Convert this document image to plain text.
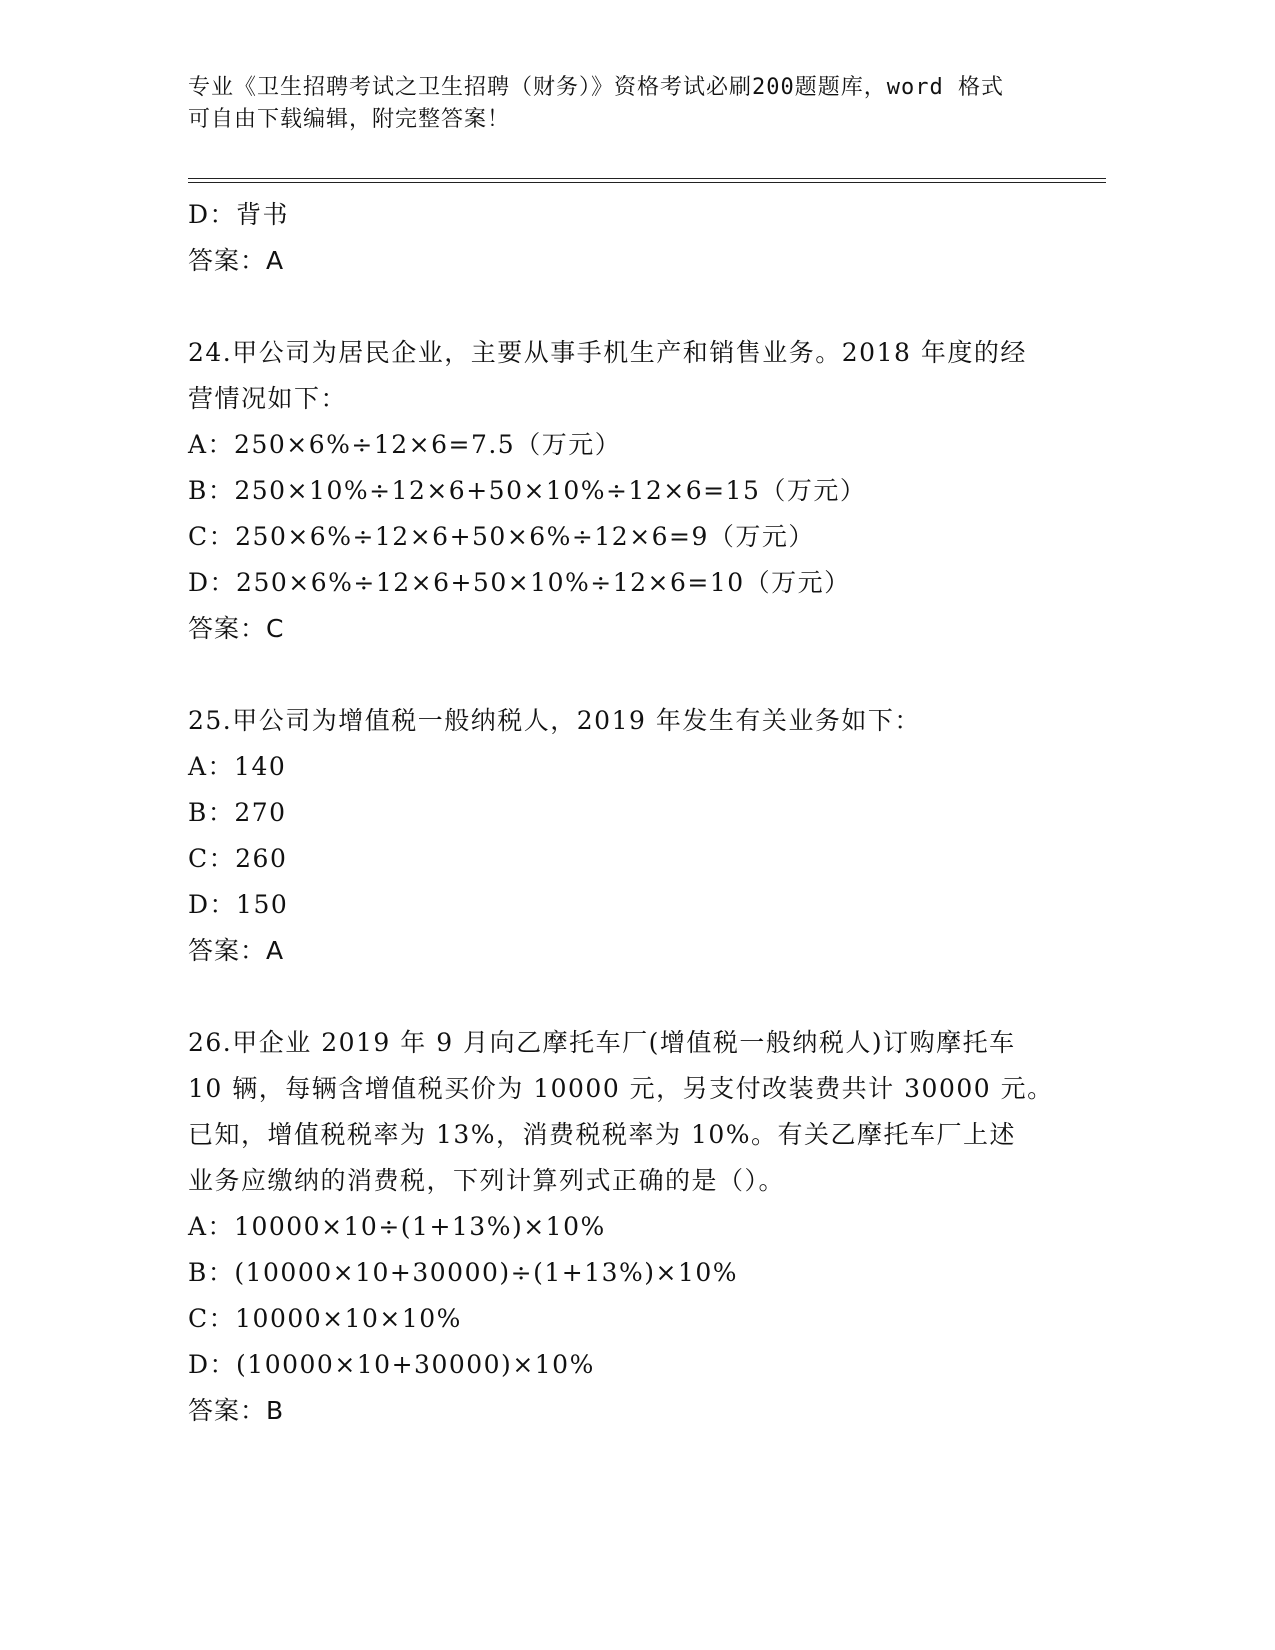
专业《卫生招聘考试之卫生招聘（财务）》资格考试必刷200题题库，word 格式
可自由下载编辑，附完整答案！
D：背书
答案：A
24.甲公司为居民企业，主要从事手机生产和销售业务。2018 年度的经
营情况如下：
A：250×6%÷12×6=7.5（万元）
B：250×10%÷12×6+50×10%÷12×6=15（万元）
C：250×6%÷12×6+50×6%÷12×6=9（万元）
D：250×6%÷12×6+50×10%÷12×6=10（万元）
答案：C
25.甲公司为增值税一般纳税人，2019 年发生有关业务如下：
A：140
B：270
C：260
D：150
答案：A
26.甲企业 2019 年 9 月向乙摩托车厂(增值税一般纳税人)订购摩托车
10 辆，每辆含增值税买价为 10000 元，另支付改装费共计 30000 元。
已知，增值税税率为 13%，消费税税率为 10%。有关乙摩托车厂上述
业务应缴纳的消费税，下列计算列式正确的是（）。
A：10000×10÷(1+13%)×10%
B：(10000×10+30000)÷(1+13%)×10%
C：10000×10×10%
D：(10000×10+30000)×10%
答案：B
